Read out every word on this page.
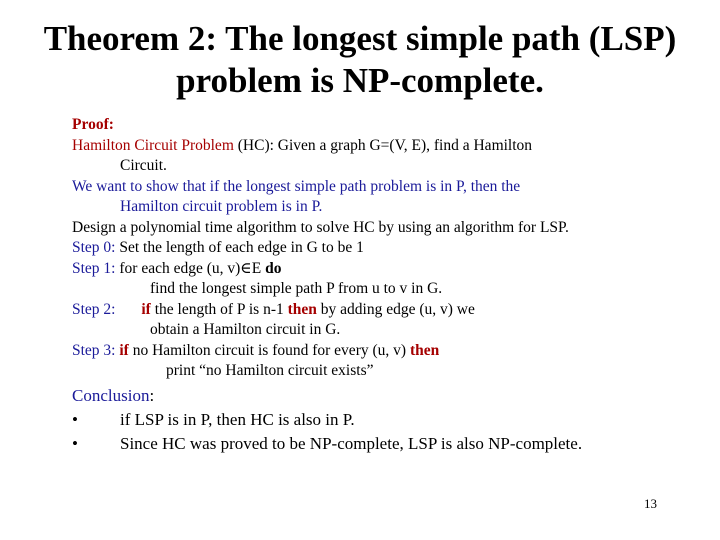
Theorem 2: The longest simple path (LSP)
problem is NP-complete.
Proof:
Hamilton Circuit Problem (HC): Given a graph G=(V, E), find a Hamilton
Circuit.
We want to show that if the longest simple path problem is in P, then the
Hamilton circuit problem is in P.
Design a polynomial time algorithm to solve HC by using an algorithm for LSP.
Step 0: Set the length of each edge in G to be 1
Step 1: for each edge (u, v)∈E do
find the longest simple path P from u to v in G.
Step 2: if the length of P is n-1 then by adding edge (u, v) we
obtain a Hamilton circuit in G.
Step 3: if no Hamilton circuit is found for every (u, v) then
print “no Hamilton circuit exists”
Conclusion:
• if LSP is in P, then HC is also in P.
• Since HC was proved to be NP-complete, LSP is also NP-complete.
13
